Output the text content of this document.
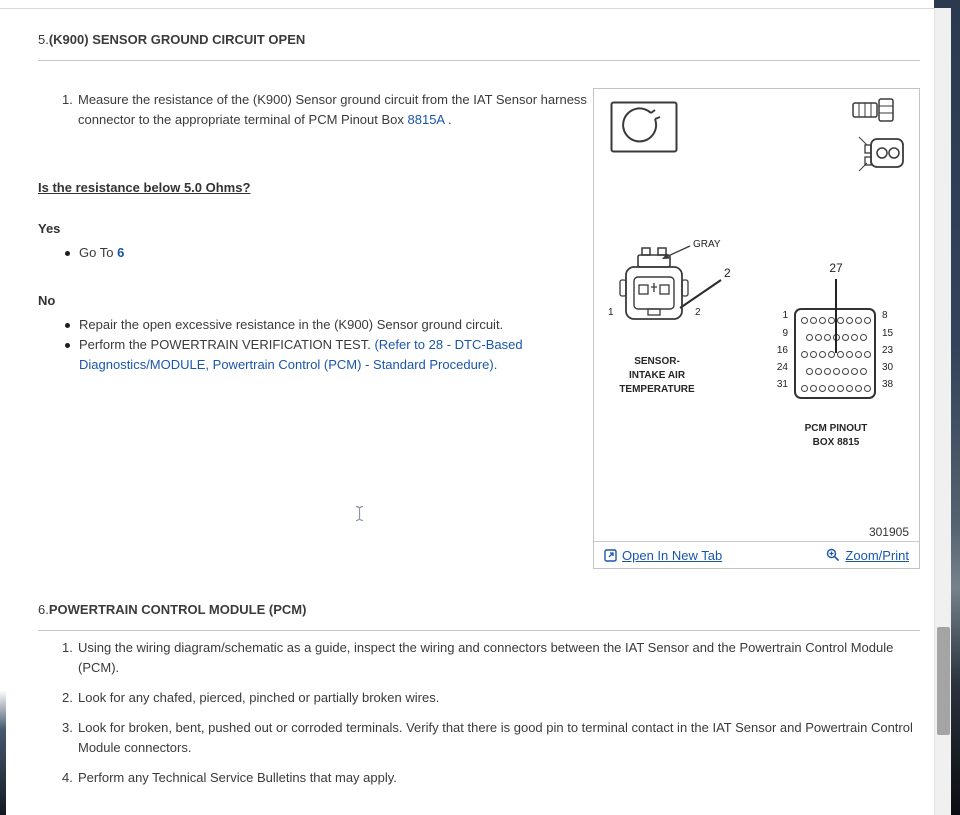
5.(K900) SENSOR GROUND CIRCUIT OPEN
1. Measure the resistance of the (K900) Sensor ground circuit from the IAT Sensor harness connector to the appropriate terminal of PCM Pinout Box 8815A .
Is the resistance below 5.0 Ohms?
Yes
Go To 6
No
Repair the open excessive resistance in the (K900) Sensor ground circuit.
Perform the POWERTRAIN VERIFICATION TEST. (Refer to 28 - DTC-Based Diagnostics/MODULE, Powertrain Control (PCM) - Standard Procedure).
GRAY
2
1	2
SENSOR-
INTAKE AIR
TEMPERATURE
27
1
9
16
24
31
8
15
23
30
38
PCM PINOUT
BOX 8815
301905
Open In New Tab	Zoom/Print
6.POWERTRAIN CONTROL MODULE (PCM)
1. Using the wiring diagram/schematic as a guide, inspect the wiring and connectors between the IAT Sensor and the Powertrain Control Module (PCM).
2. Look for any chafed, pierced, pinched or partially broken wires.
3. Look for broken, bent, pushed out or corroded terminals. Verify that there is good pin to terminal contact in the IAT Sensor and Powertrain Control Module connectors.
4. Perform any Technical Service Bulletins that may apply.
